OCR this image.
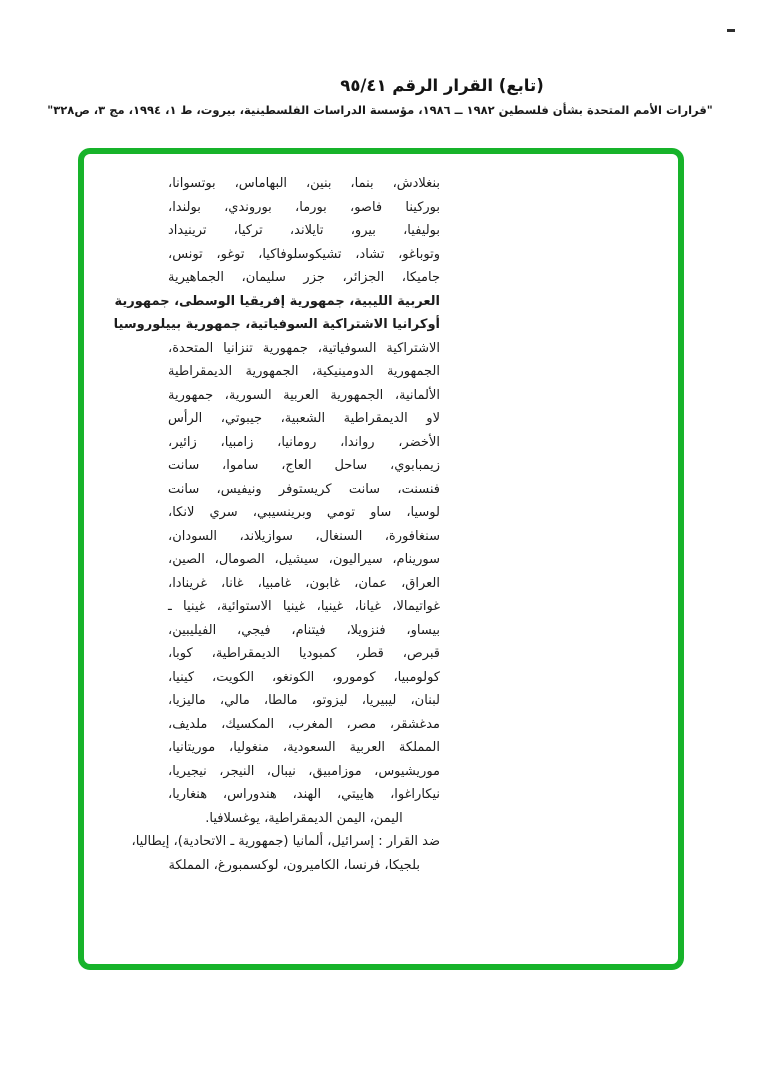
(تابع) القرار الرقم ٩٥/٤١
"قرارات الأمم المتحدة بشأن فلسطين ١٩٨٢ ــ ١٩٨٦، مؤسسة الدراسات الفلسطينية، بيروت، ط ١، ١٩٩٤، مج ٣، ص٣٢٨"
بنغلادش، بنما، بنين، البهاماس، بوتسوانا،
بوركينا فاصو، بورما، بوروندي، بولندا،
بوليفيا، بيرو، تايلاند، تركيا، ترينيداد
وتوباغو، تشاد، تشيكوسلوفاكيا، توغو، تونس،
جاميكا، الجزائر، جزر سليمان، الجماهيرية
العربية الليبية، جمهورية إفريقيا الوسطى، جمهورية
أوكرانيا الاشتراكية السوفياتية، جمهورية بييلوروسيا
الاشتراكية السوفياتية، جمهورية تنزانيا المتحدة،
الجمهورية الدومينيكية، الجمهورية الديمقراطية
الألمانية، الجمهورية العربية السورية، جمهورية
لاو الديمقراطية الشعبية، جيبوتي، الرأس
الأخضر، رواندا، رومانيا، زامبيا، زائير،
زيمبابوي، ساحل العاج، ساموا، سانت
فنسنت، سانت كريستوفر ونيفيس، سانت
لوسيا، ساو تومي وبرينسيبي، سري لانكا،
سنغافورة، السنغال، سوازيلاند، السودان،
سورينام، سيراليون، سيشيل، الصومال، الصين،
العراق، عمان، غابون، غامبيا، غانا، غرينادا،
غواتيمالا، غيانا، غينيا، غينيا الاستوائية، غينيا ـ
بيساو، فنزويلا، فيتنام، فيجي، الفيليبين،
قبرص، قطر، كمبوديا الديمقراطية، كوبا،
كولومبيا، كومورو، الكونغو، الكويت، كينيا،
لبنان، ليبيريا، ليزوتو، مالطا، مالي، ماليزيا،
مدغشقر، مصر، المغرب، المكسيك، ملديف،
المملكة العربية السعودية، منغوليا، موريتانيا،
موريشيوس، موزامبيق، نيبال، النيجر، نيجيريا،
نيكاراغوا، هاييتي، الهند، هندوراس، هنغاريا،
اليمن، اليمن الديمقراطية، يوغسلافيا.
ضد القرار : إسرائيل، ألمانيا (جمهورية ـ الاتحادية)، إيطاليا،
بلجيكا، فرنسا، الكاميرون، لوكسمبورغ، المملكة
